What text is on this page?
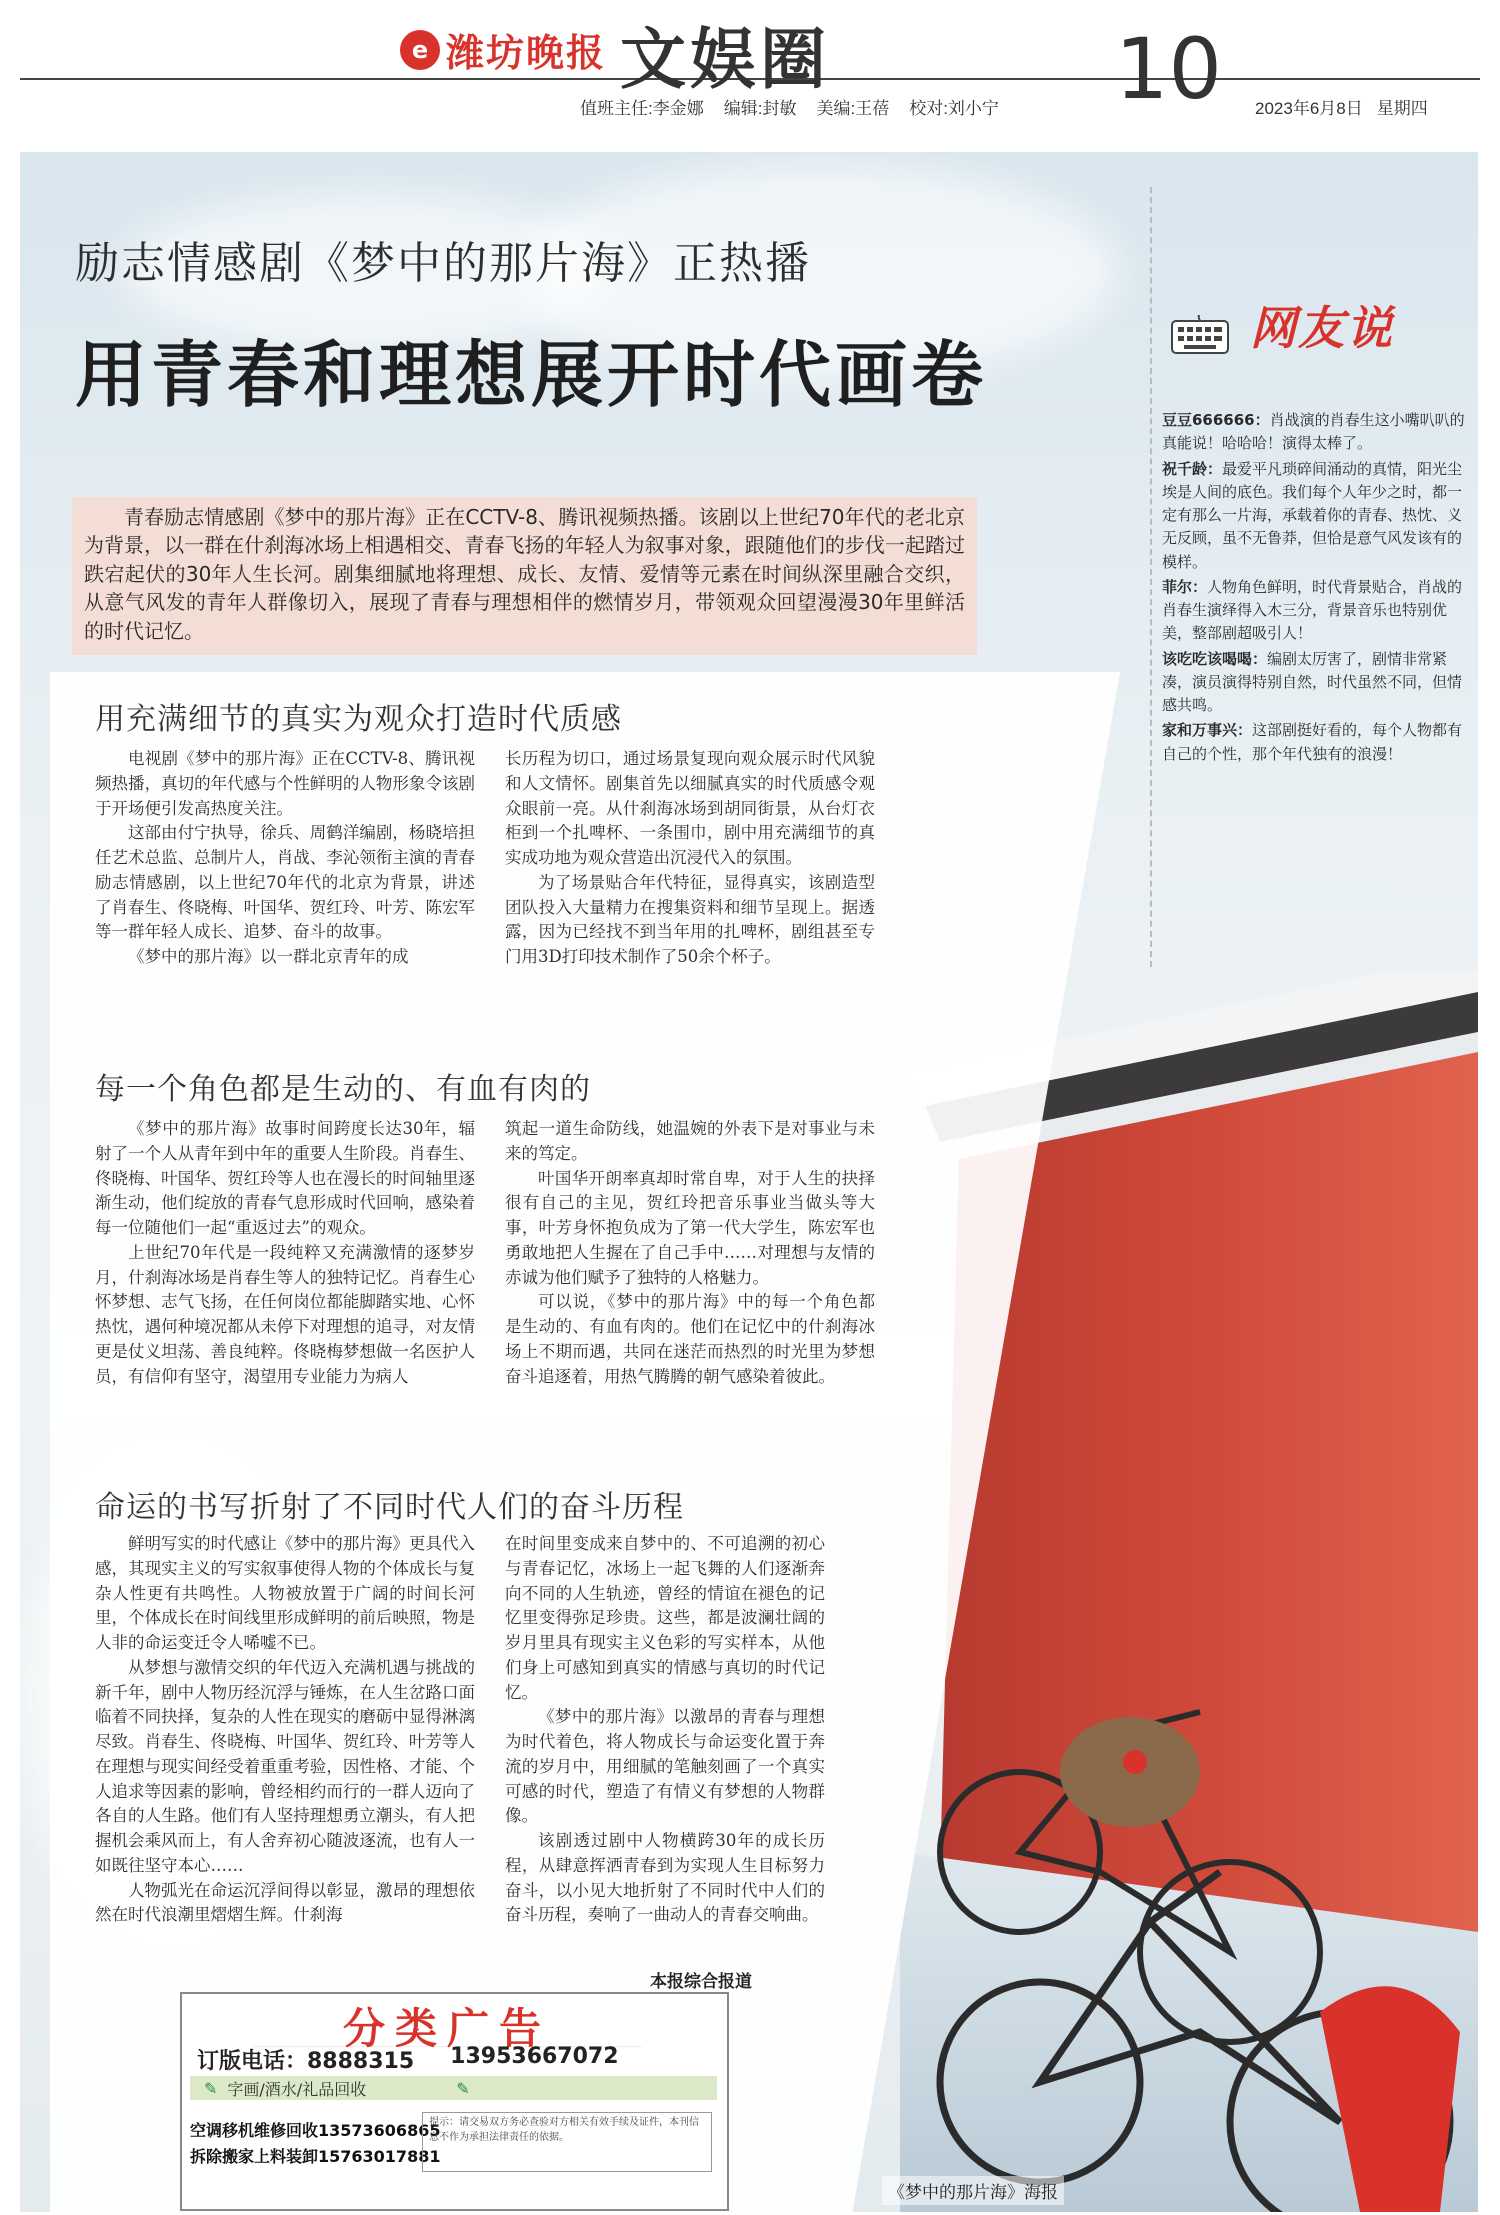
e 潍坊晚报 文娱圈	10
值班主任:李金娜 编辑:封敏 美编:王蓓 校对:刘小宁	2023年6月8日 星期四
励志情感剧《梦中的那片海》正热播
用青春和理想展开时代画卷

青春励志情感剧《梦中的那片海》正在CCTV-8、腾讯视频热播。该剧以上世纪70年代的老北京为背景，以一群在什刹海冰场上相遇相交、青春飞扬的年轻人为叙事对象，跟随他们的步伐一起踏过跌宕起伏的30年人生长河。剧集细腻地将理想、成长、友情、爱情等元素在时间纵深里融合交织，从意气风发的青年人群像切入，展现了青春与理想相伴的燃情岁月，带领观众回望漫漫30年里鲜活的时代记忆。

用充满细节的真实为观众打造时代质感

电视剧《梦中的那片海》正在CCTV-8、腾讯视频热播，真切的年代感与个性鲜明的人物形象令该剧于开场便引发高热度关注。

这部由付宁执导，徐兵、周鹤洋编剧，杨晓培担任艺术总监、总制片人，肖战、李沁领衔主演的青春励志情感剧，以上世纪70年代的北京为背景，讲述了肖春生、佟晓梅、叶国华、贺红玲、叶芳、陈宏军等一群年轻人成长、追梦、奋斗的故事。

《梦中的那片海》以一群北京青年的成

长历程为切口，通过场景复现向观众展示时代风貌和人文情怀。剧集首先以细腻真实的时代质感令观众眼前一亮。从什刹海冰场到胡同街景，从台灯衣柜到一个扎啤杯、一条围巾，剧中用充满细节的真实成功地为观众营造出沉浸代入的氛围。

为了场景贴合年代特征，显得真实，该剧造型团队投入大量精力在搜集资料和细节呈现上。据透露，因为已经找不到当年用的扎啤杯，剧组甚至专门用3D打印技术制作了50余个杯子。

每一个角色都是生动的、有血有肉的

《梦中的那片海》故事时间跨度长达30年，辐射了一个人从青年到中年的重要人生阶段。肖春生、佟晓梅、叶国华、贺红玲等人也在漫长的时间轴里逐渐生动，他们绽放的青春气息形成时代回响，感染着每一位随他们一起“重返过去”的观众。

上世纪70年代是一段纯粹又充满激情的逐梦岁月，什刹海冰场是肖春生等人的独特记忆。肖春生心怀梦想、志气飞扬，在任何岗位都能脚踏实地、心怀热忱，遇何种境况都从未停下对理想的追寻，对友情更是仗义坦荡、善良纯粹。佟晓梅梦想做一名医护人员，有信仰有坚守，渴望用专业能力为病人

筑起一道生命防线，她温婉的外表下是对事业与未来的笃定。

叶国华开朗率真却时常自卑，对于人生的抉择很有自己的主见，贺红玲把音乐事业当做头等大事，叶芳身怀抱负成为了第一代大学生，陈宏军也勇敢地把人生握在了自己手中……对理想与友情的赤诚为他们赋予了独特的人格魅力。

可以说，《梦中的那片海》中的每一个角色都是生动的、有血有肉的。他们在记忆中的什刹海冰场上不期而遇，共同在迷茫而热烈的时光里为梦想奋斗追逐着，用热气腾腾的朝气感染着彼此。

命运的书写折射了不同时代人们的奋斗历程

鲜明写实的时代感让《梦中的那片海》更具代入感，其现实主义的写实叙事使得人物的个体成长与复杂人性更有共鸣性。人物被放置于广阔的时间长河里，个体成长在时间线里形成鲜明的前后映照，物是人非的命运变迁令人唏嘘不已。

从梦想与激情交织的年代迈入充满机遇与挑战的新千年，剧中人物历经沉浮与锤炼，在人生岔路口面临着不同抉择，复杂的人性在现实的磨砺中显得淋漓尽致。肖春生、佟晓梅、叶国华、贺红玲、叶芳等人在理想与现实间经受着重重考验，因性格、才能、个人追求等因素的影响，曾经相约而行的一群人迈向了各自的人生路。他们有人坚持理想勇立潮头，有人把握机会乘风而上，有人舍弃初心随波逐流，也有人一如既往坚守本心……

人物弧光在命运沉浮间得以彰显，激昂的理想依然在时代浪潮里熠熠生辉。什刹海

在时间里变成来自梦中的、不可追溯的初心与青春记忆，冰场上一起飞舞的人们逐渐奔向不同的人生轨迹，曾经的情谊在褪色的记忆里变得弥足珍贵。这些，都是波澜壮阔的岁月里具有现实主义色彩的写实样本，从他们身上可感知到真实的情感与真切的时代记忆。

《梦中的那片海》以激昂的青春与理想为时代着色，将人物成长与命运变化置于奔流的岁月中，用细腻的笔触刻画了一个真实可感的时代，塑造了有情义有梦想的人物群像。

该剧透过剧中人物横跨30年的成长历程，从肆意挥洒青春到为实现人生目标努力奋斗，以小见大地折射了不同时代中人们的奋斗历程，奏响了一曲动人的青春交响曲。

本报综合报道
网友说

豆豆666666：肖战演的肖春生这小嘴叭叭的真能说！哈哈哈！演得太棒了。

祝千龄：最爱平凡琐碎间涌动的真情，阳光尘埃是人间的底色。我们每个人年少之时，都一定有那么一片海，承载着你的青春、热忱、义无反顾，虽不无鲁莽，但恰是意气风发该有的模样。

菲尔：人物角色鲜明，时代背景贴合，肖战的肖春生演绎得入木三分，背景音乐也特别优美，整部剧超吸引人！

该吃吃该喝喝：编剧太厉害了，剧情非常紧凑，演员演得特别自然，时代虽然不同，但情感共鸣。

家和万事兴：这部剧挺好看的，每个人物都有自己的个性，那个年代独有的浪漫！

分类广告
订版电话：8888315 13953667072
✎ 字画/酒水/礼品回收	✎
空调移机维修回收13573606865
拆除搬家上料装卸15763017881
提示：请交易双方务必查验对方相关有效手续及证件，本刊信息不作为承担法律责任的依据。
《梦中的那片海》海报
